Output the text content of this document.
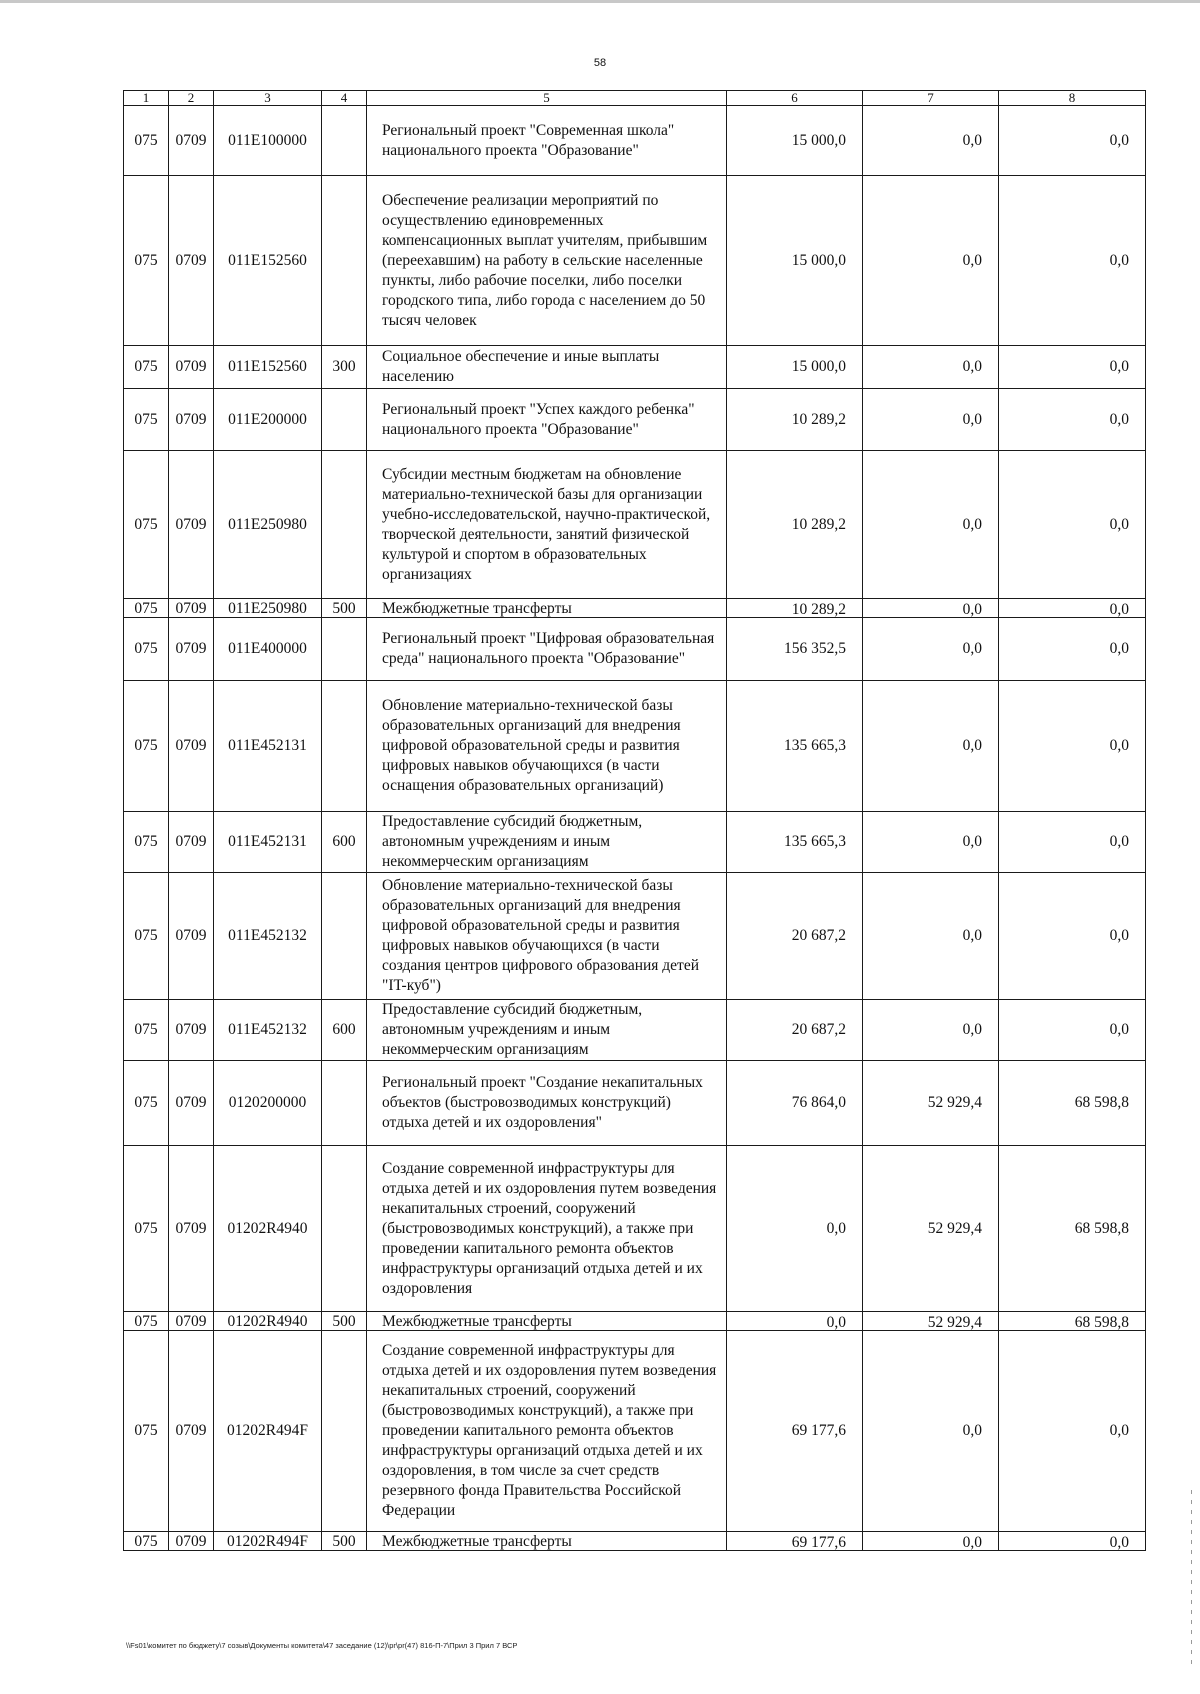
58
1	2	3	4	5	6	7	8
075	0709	011E100000		Региональный проект "Современная школа" национального проекта "Образование"	15 000,0	0,0	0,0
075	0709	011E152560		Обеспечение реализации мероприятий по осуществлению единовременных компенсационных выплат учителям, прибывшим (переехавшим) на работу в сельские населенные пункты, либо рабочие поселки, либо поселки городского типа, либо города с населением до 50 тысяч человек	15 000,0	0,0	0,0
075	0709	011E152560	300	Социальное обеспечение и иные выплаты населению	15 000,0	0,0	0,0
075	0709	011E200000		Региональный проект "Успех каждого ребенка" национального проекта "Образование"	10 289,2	0,0	0,0
075	0709	011E250980		Субсидии местным бюджетам на обновление материально-технической базы для организации учебно-исследовательской, научно-практической, творческой деятельности, занятий физической культурой и спортом в образовательных организациях	10 289,2	0,0	0,0
075	0709	011E250980	500	Межбюджетные трансферты	10 289,2	0,0	0,0
075	0709	011E400000		Региональный проект "Цифровая образовательная среда" национального проекта "Образование"	156 352,5	0,0	0,0
075	0709	011E452131		Обновление материально-технической базы образовательных организаций для внедрения цифровой образовательной среды и развития цифровых навыков обучающихся (в части оснащения образовательных организаций)	135 665,3	0,0	0,0
075	0709	011E452131	600	Предоставление субсидий бюджетным, автономным учреждениям и иным некоммерческим организациям	135 665,3	0,0	0,0
075	0709	011E452132		Обновление материально-технической базы образовательных организаций для внедрения цифровой образовательной среды и развития цифровых навыков обучающихся (в части создания центров цифрового образования детей "IT-куб")	20 687,2	0,0	0,0
075	0709	011E452132	600	Предоставление субсидий бюджетным, автономным учреждениям и иным некоммерческим организациям	20 687,2	0,0	0,0
075	0709	0120200000		Региональный проект "Создание некапитальных объектов (быстровозводимых конструкций) отдыха детей и их оздоровления"	76 864,0	52 929,4	68 598,8
075	0709	01202R4940		Создание современной инфраструктуры для отдыха детей и их оздоровления путем возведения некапитальных строений, сооружений (быстровозводимых конструкций), а также при проведении капитального ремонта объектов инфраструктуры организаций отдыха детей и их оздоровления	0,0	52 929,4	68 598,8
075	0709	01202R4940	500	Межбюджетные трансферты	0,0	52 929,4	68 598,8
075	0709	01202R494F		Создание современной инфраструктуры для отдыха детей и их оздоровления путем возведения некапитальных строений, сооружений (быстровозводимых конструкций), а также при проведении капитального ремонта объектов инфраструктуры организаций отдыха детей и их оздоровления, в том числе за счет средств резервного фонда Правительства Российской Федерации	69 177,6	0,0	0,0
075	0709	01202R494F	500	Межбюджетные трансферты	69 177,6	0,0	0,0
\\Fs01\комитет по бюджету\7 созыв\Документы комитета\47 заседание (12)\pr\pr(47) 816-П-7\Прил 3 Прил 7 ВСР
